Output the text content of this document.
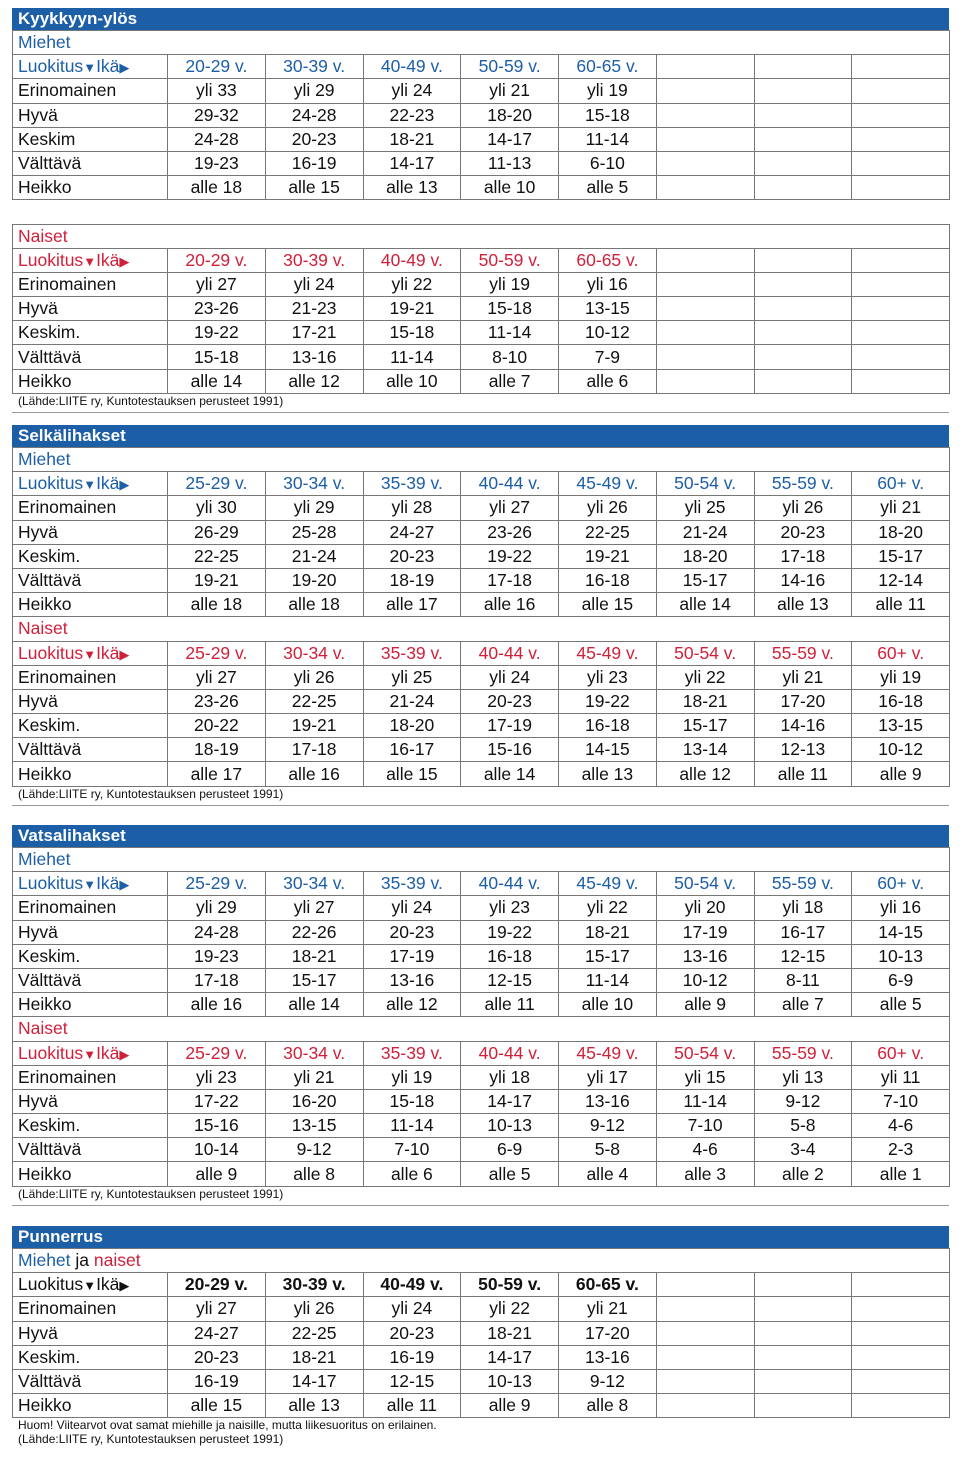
Kyykkyyn-ylös
Miehet								
Luokitus▼Ikä▶	20-29 v.	30-39 v.	40-49 v.	50-59 v.	60-65 v.			
Erinomainen	yli 33	yli 29	yli 24	yli 21	yli 19			
Hyvä	29-32	24-28	22-23	18-20	15-18			
Keskim	24-28	20-23	18-21	14-17	11-14			
Välttävä	19-23	16-19	14-17	11-13	6-10			
Heikko	alle 18	alle 15	alle 13	alle 10	alle 5			

Naiset								
Luokitus▼Ikä▶	20-29 v.	30-39 v.	40-49 v.	50-59 v.	60-65 v.			
Erinomainen	yli 27	yli 24	yli 22	yli 19	yli 16			
Hyvä	23-26	21-23	19-21	15-18	13-15			
Keskim.	19-22	17-21	15-18	11-14	10-12			
Välttävä	15-18	13-16	11-14	8-10	7-9			
Heikko	alle 14	alle 12	alle 10	alle 7	alle 6			
(Lähde:LIITE ry, Kuntotestauksen perusteet 1991)
Selkälihakset
Miehet								
Luokitus▼Ikä▶	25-29 v.	30-34 v.	35-39 v.	40-44 v.	45-49 v.	50-54 v.	55-59 v.	60+ v.
Erinomainen	yli 30	yli 29	yli 28	yli 27	yli 26	yli 25	yli 26	yli 21
Hyvä	26-29	25-28	24-27	23-26	22-25	21-24	20-23	18-20
Keskim.	22-25	21-24	20-23	19-22	19-21	18-20	17-18	15-17
Välttävä	19-21	19-20	18-19	17-18	16-18	15-17	14-16	12-14
Heikko	alle 18	alle 18	alle 17	alle 16	alle 15	alle 14	alle 13	alle 11
Naiset								
Luokitus▼Ikä▶	25-29 v.	30-34 v.	35-39 v.	40-44 v.	45-49 v.	50-54 v.	55-59 v.	60+ v.
Erinomainen	yli 27	yli 26	yli 25	yli 24	yli 23	yli 22	yli 21	yli 19
Hyvä	23-26	22-25	21-24	20-23	19-22	18-21	17-20	16-18
Keskim.	20-22	19-21	18-20	17-19	16-18	15-17	14-16	13-15
Välttävä	18-19	17-18	16-17	15-16	14-15	13-14	12-13	10-12
Heikko	alle 17	alle 16	alle 15	alle 14	alle 13	alle 12	alle 11	alle 9
(Lähde:LIITE ry, Kuntotestauksen perusteet 1991)
Vatsalihakset
Miehet								
Luokitus▼Ikä▶	25-29 v.	30-34 v.	35-39 v.	40-44 v.	45-49 v.	50-54 v.	55-59 v.	60+ v.
Erinomainen	yli 29	yli 27	yli 24	yli 23	yli 22	yli 20	yli 18	yli 16
Hyvä	24-28	22-26	20-23	19-22	18-21	17-19	16-17	14-15
Keskim.	19-23	18-21	17-19	16-18	15-17	13-16	12-15	10-13
Välttävä	17-18	15-17	13-16	12-15	11-14	10-12	8-11	6-9
Heikko	alle 16	alle 14	alle 12	alle 11	alle 10	alle 9	alle 7	alle 5
Naiset								
Luokitus▼Ikä▶	25-29 v.	30-34 v.	35-39 v.	40-44 v.	45-49 v.	50-54 v.	55-59 v.	60+ v.
Erinomainen	yli 23	yli 21	yli 19	yli 18	yli 17	yli 15	yli 13	yli 11
Hyvä	17-22	16-20	15-18	14-17	13-16	11-14	9-12	7-10
Keskim.	15-16	13-15	11-14	10-13	9-12	7-10	5-8	4-6
Välttävä	10-14	9-12	7-10	6-9	5-8	4-6	3-4	2-3
Heikko	alle 9	alle 8	alle 6	alle 5	alle 4	alle 3	alle 2	alle 1
(Lähde:LIITE ry, Kuntotestauksen perusteet 1991)
Punnerrus
Miehet ja naiset								
Luokitus▼Ikä▶	20-29 v.	30-39 v.	40-49 v.	50-59 v.	60-65 v.			
Erinomainen	yli 27	yli 26	yli 24	yli 22	yli 21			
Hyvä	24-27	22-25	20-23	18-21	17-20			
Keskim.	20-23	18-21	16-19	14-17	13-16			
Välttävä	16-19	14-17	12-15	10-13	9-12			
Heikko	alle 15	alle 13	alle 11	alle 9	alle 8			
Huom! Viitearvot ovat samat miehille ja naisille, mutta liikesuoritus on erilainen.
(Lähde:LIITE ry, Kuntotestauksen perusteet 1991)
